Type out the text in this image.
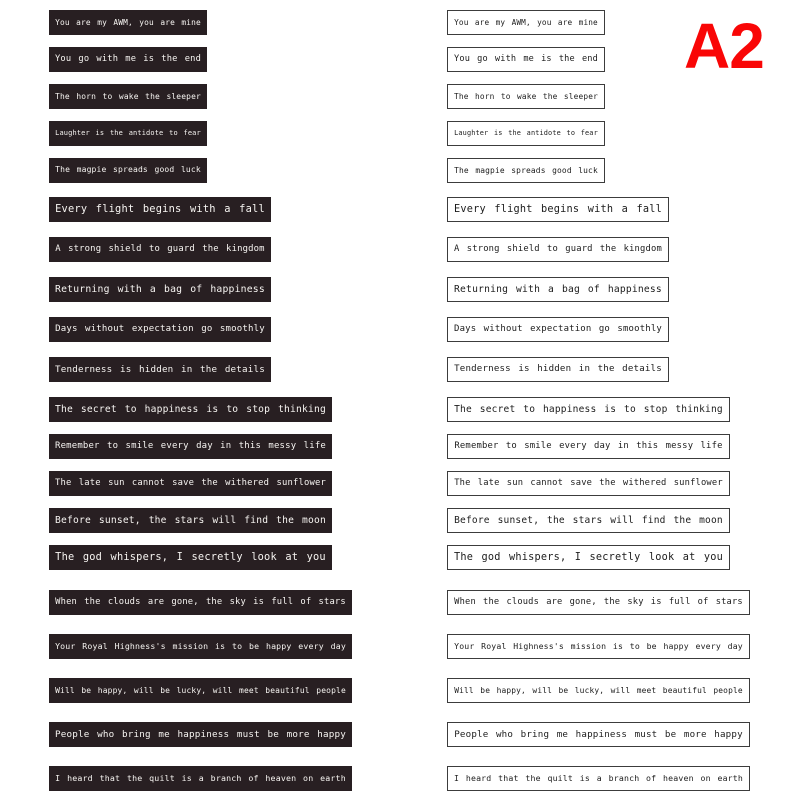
You are my AWM, you are mine
You go with me is the end
The horn to wake the sleeper
Laughter is the antidote to fear
The magpie spreads good luck
Every flight begins with a fall
A strong shield to guard the kingdom
Returning with a bag of happiness
Days without expectation go smoothly
Tenderness is hidden in the details
The secret to happiness is to stop thinking
Remember to smile every day in this messy life
The late sun cannot save the withered sunflower
Before sunset, the stars will find the moon
The god whispers, I secretly look at you
When the clouds are gone, the sky is full of stars
Your Royal Highness's mission is to be happy every day
Will be happy, will be lucky, will meet beautiful people
People who bring me happiness must be more happy
I heard that the quilt is a branch of heaven on earth
You are my AWM, you are mine
You go with me is the end
The horn to wake the sleeper
Laughter is the antidote to fear
The magpie spreads good luck
Every flight begins with a fall
A strong shield to guard the kingdom
Returning with a bag of happiness
Days without expectation go smoothly
Tenderness is hidden in the details
The secret to happiness is to stop thinking
Remember to smile every day in this messy life
The late sun cannot save the withered sunflower
Before sunset, the stars will find the moon
The god whispers, I secretly look at you
When the clouds are gone, the sky is full of stars
Your Royal Highness's mission is to be happy every day
Will be happy, will be lucky, will meet beautiful people
People who bring me happiness must be more happy
I heard that the quilt is a branch of heaven on earth
A2
